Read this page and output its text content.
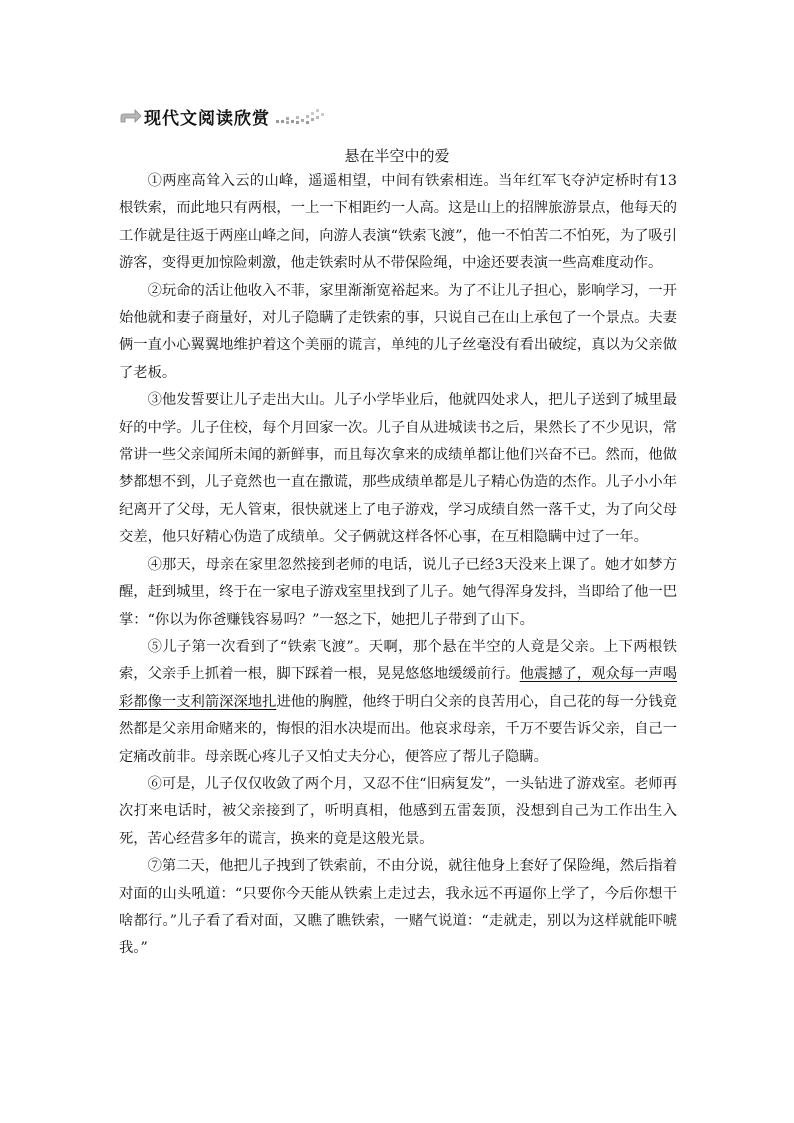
现代文阅读欣赏
悬在半空中的爱

①两座高耸入云的山峰，遥遥相望，中间有铁索相连。当年红军飞夺泸定桥时有13根铁索，而此地只有两根，一上一下相距约一人高。这是山上的招牌旅游景点，他每天的工作就是往返于两座山峰之间，向游人表演“铁索飞渡”，他一不怕苦二不怕死，为了吸引游客，变得更加惊险刺激，他走铁索时从不带保险绳，中途还要表演一些高难度动作。

②玩命的活让他收入不菲，家里渐渐宽裕起来。为了不让儿子担心，影响学习，一开始他就和妻子商量好，对儿子隐瞒了走铁索的事，只说自己在山上承包了一个景点。夫妻俩一直小心翼翼地维护着这个美丽的谎言，单纯的儿子丝毫没有看出破绽，真以为父亲做了老板。

③他发誓要让儿子走出大山。儿子小学毕业后，他就四处求人，把儿子送到了城里最好的中学。儿子住校，每个月回家一次。儿子自从进城读书之后，果然长了不少见识，常常讲一些父亲闻所未闻的新鲜事，而且每次拿来的成绩单都让他们兴奋不已。然而，他做梦都想不到，儿子竟然也一直在撒谎，那些成绩单都是儿子精心伪造的杰作。儿子小小年纪离开了父母，无人管束，很快就迷上了电子游戏，学习成绩自然一落千丈，为了向父母交差，他只好精心伪造了成绩单。父子俩就这样各怀心事，在互相隐瞒中过了一年。

④那天，母亲在家里忽然接到老师的电话，说儿子已经3天没来上课了。她才如梦方醒，赶到城里，终于在一家电子游戏室里找到了儿子。她气得浑身发抖，当即给了他一巴掌：“你以为你爸赚钱容易吗？”一怒之下，她把儿子带到了山下。

⑤儿子第一次看到了“铁索飞渡”。天啊，那个悬在半空的人竟是父亲。上下两根铁索，父亲手上抓着一根，脚下踩着一根，晃晃悠悠地缓缓前行。他震撼了，观众每一声喝彩都像一支利箭深深地扎进他的胸膛，他终于明白父亲的良苦用心，自己花的每一分钱竟然都是父亲用命赌来的，悔恨的泪水决堤而出。他哀求母亲，千万不要告诉父亲，自己一定痛改前非。母亲既心疼儿子又怕丈夫分心，便答应了帮儿子隐瞒。

⑥可是，儿子仅仅收敛了两个月，又忍不住“旧病复发”，一头钻进了游戏室。老师再次打来电话时，被父亲接到了，听明真相，他感到五雷轰顶，没想到自己为工作出生入死，苦心经营多年的谎言，换来的竟是这般光景。

⑦第二天，他把儿子拽到了铁索前，不由分说，就往他身上套好了保险绳，然后指着对面的山头吼道：“只要你今天能从铁索上走过去，我永远不再逼你上学了，今后你想干啥都行。”儿子看了看对面，又瞧了瞧铁索，一赌气说道：“走就走，别以为这样就能吓唬我。”
